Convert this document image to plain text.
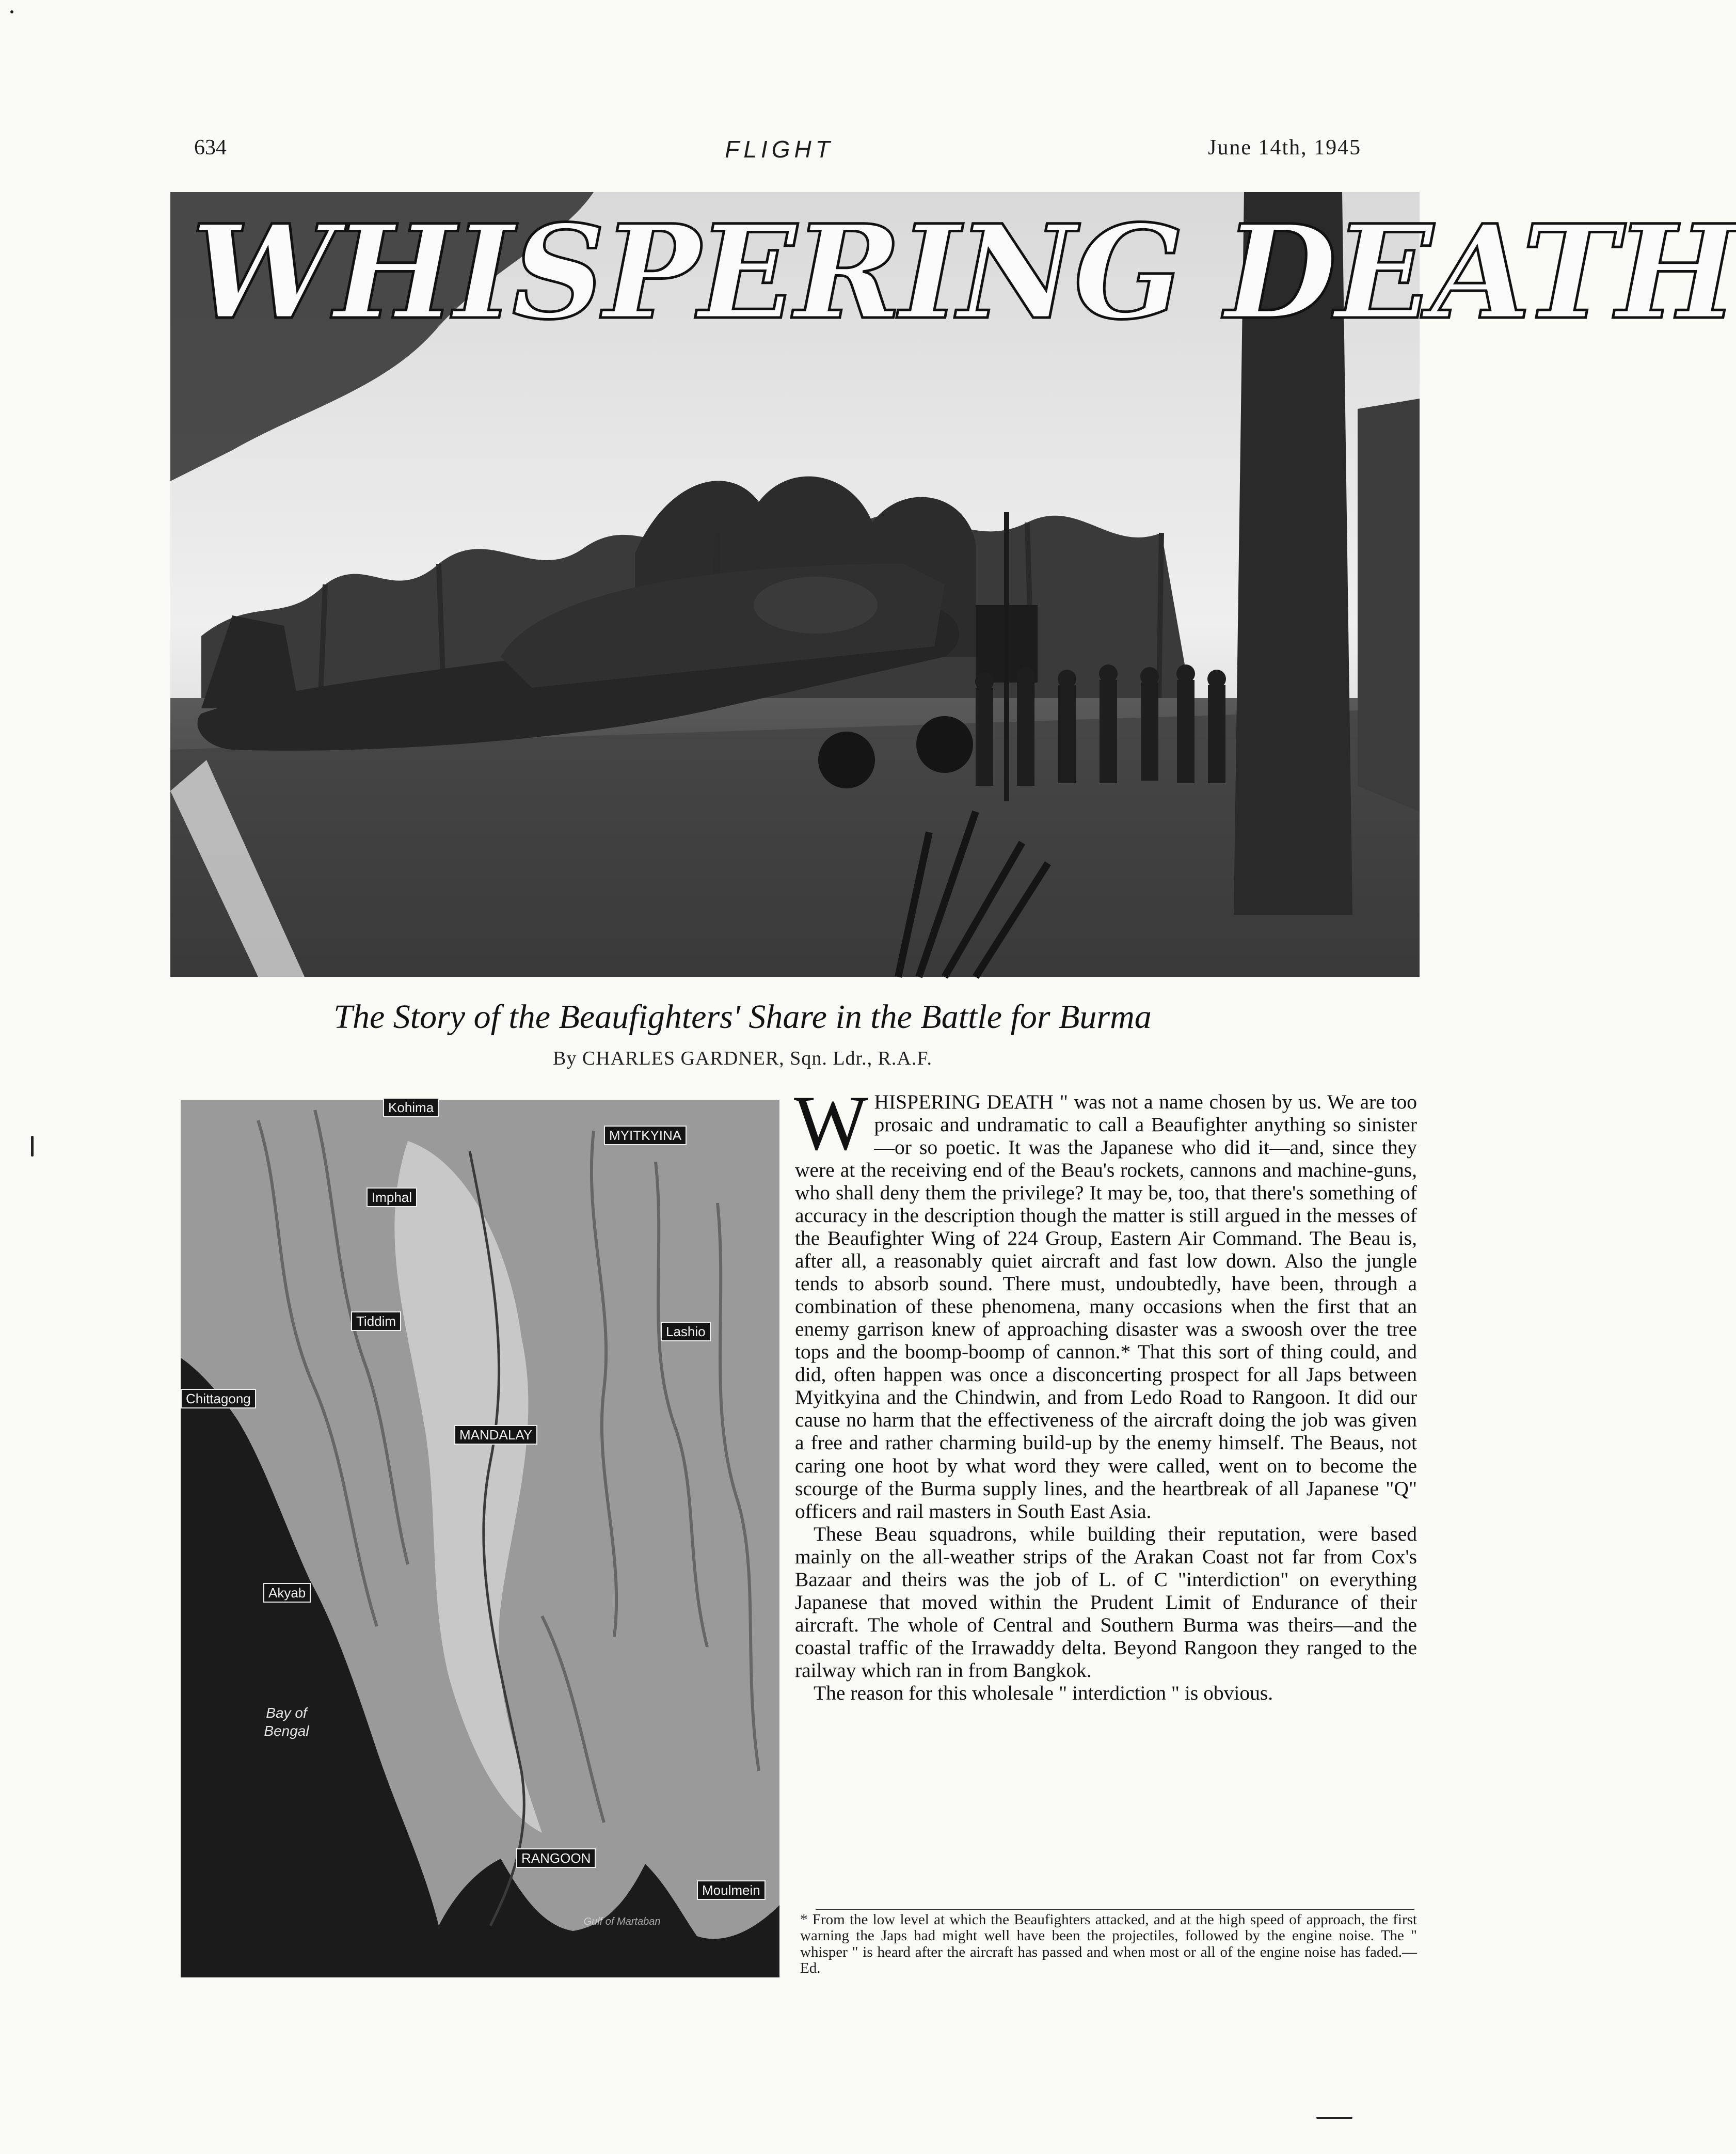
634	FLIGHT	June 14th, 1945
WHISPERING DEATH
The Story of the Beaufighters' Share in the Battle for Burma
By CHARLES GARDNER, Sqn. Ldr., R.A.F.
Kohima
MYITKYINA
Imphal
Tiddim
Lashio
Chittagong
MANDALAY
Akyab
RANGOON
Moulmein
Bay of Bengal
Gulf of Martaban

WHISPERING DEATH " was not a name chosen by us. We are too prosaic and undramatic to call a Beaufighter anything so sinister—or so poetic. It was the Japanese who did it—and, since they were at the receiving end of the Beau's rockets, cannons and machine-guns, who shall deny them the privilege? It may be, too, that there's something of accuracy in the description though the matter is still argued in the messes of the Beaufighter Wing of 224 Group, Eastern Air Command. The Beau is, after all, a reasonably quiet aircraft and fast low down. Also the jungle tends to absorb sound. There must, undoubtedly, have been, through a combination of these phenomena, many occasions when the first that an enemy garrison knew of approaching disaster was a swoosh over the tree tops and the boomp-boomp of cannon.* That this sort of thing could, and did, often happen was once a disconcerting prospect for all Japs between Myitkyina and the Chindwin, and from Ledo Road to Rangoon. It did our cause no harm that the effectiveness of the aircraft doing the job was given a free and rather charming build-up by the enemy himself. The Beaus, not caring one hoot by what word they were called, went on to become the scourge of the Burma supply lines, and the heartbreak of all Japanese "Q" officers and rail masters in South East Asia.

These Beau squadrons, while building their reputation, were based mainly on the all-weather strips of the Arakan Coast not far from Cox's Bazaar and theirs was the job of L. of C "interdiction" on everything Japanese that moved within the Prudent Limit of Endurance of their aircraft. The whole of Central and Southern Burma was theirs—and the coastal traffic of the Irrawaddy delta. Beyond Rangoon they ranged to the railway which ran in from Bangkok.

The reason for this wholesale " interdiction " is obvious.

* From the low level at which the Beaufighters attacked, and at the high speed of approach, the first warning the Japs had might well have been the projectiles, followed by the engine noise. The " whisper " is heard after the aircraft has passed and when most or all of the engine noise has faded.—Ed.
